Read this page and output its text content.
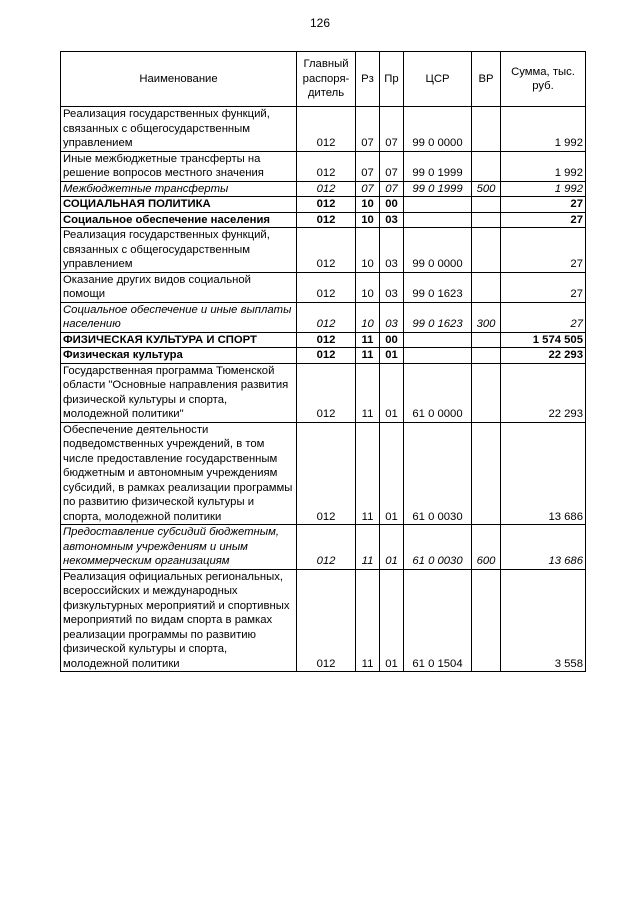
126
Наименование	Главный распоря-дитель	Рз	Пр	ЦСР	ВР	Сумма, тыс. руб.
Реализация государственных функций, связанных с общегосударственным управлением	012	07	07	99 0 0000		1 992
Иные межбюджетные трансферты на решение вопросов местного значения	012	07	07	99 0 1999		1 992
Межбюджетные трансферты	012	07	07	99 0 1999	500	1 992
СОЦИАЛЬНАЯ ПОЛИТИКА	012	10	00			27
Социальное обеспечение населения	012	10	03			27
Реализация государственных функций, связанных с общегосударственным управлением	012	10	03	99 0 0000		27
Оказание других видов социальной помощи	012	10	03	99 0 1623		27
Социальное обеспечение и иные выплаты населению	012	10	03	99 0 1623	300	27
ФИЗИЧЕСКАЯ КУЛЬТУРА И СПОРТ	012	11	00			1 574 505
Физическая культура	012	11	01			22 293
Государственная программа Тюменской области "Основные направления развития физической культуры и спорта, молодежной политики"	012	11	01	61 0 0000		22 293
Обеспечение деятельности подведомственных учреждений, в том числе предоставление государственным бюджетным и автономным учреждениям субсидий, в рамках реализации программы по развитию физической культуры и спорта, молодежной политики	012	11	01	61 0 0030		13 686
Предоставление субсидий бюджетным, автономным учреждениям и иным некоммерческим организациям	012	11	01	61 0 0030	600	13 686
Реализация официальных региональных, всероссийских и международных физкультурных мероприятий и спортивных мероприятий по видам спорта в рамках реализации программы по развитию физической культуры и спорта, молодежной политики	012	11	01	61 0 1504		3 558
